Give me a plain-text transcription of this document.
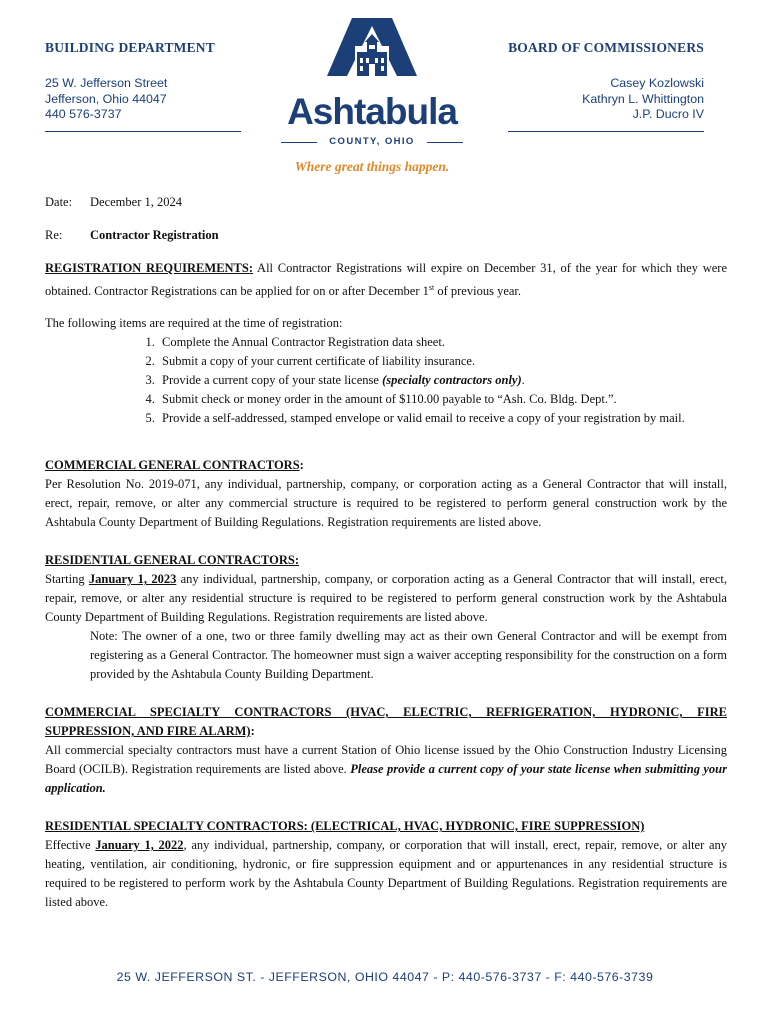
BUILDING DEPARTMENT
25 W. Jefferson Street
Jefferson, Ohio 44047
440 576-3737
BOARD OF COMMISSIONERS
Casey Kozlowski
Kathryn L. Whittington
J.P. Ducro IV
Ashtabula
COUNTY, OHIO
Where great things happen.
Date:	December 1, 2024
Re:	Contractor Registration

REGISTRATION REQUIREMENTS: All Contractor Registrations will expire on December 31, of the year for which they were obtained. Contractor Registrations can be applied for on or after December 1st of previous year.

The following items are required at the time of registration:

1. Complete the Annual Contractor Registration data sheet.
2. Submit a copy of your current certificate of liability insurance.
3. Provide a current copy of your state license (specialty contractors only).
4. Submit check or money order in the amount of $110.00 payable to “Ash. Co. Bldg. Dept.”.
5. Provide a self-addressed, stamped envelope or valid email to receive a copy of your registration by mail.

COMMERCIAL GENERAL CONTRACTORS:

Per Resolution No. 2019-071, any individual, partnership, company, or corporation acting as a General Contractor that will install, erect, repair, remove, or alter any commercial structure is required to be registered to perform general construction work by the Ashtabula County Department of Building Regulations. Registration requirements are listed above.

RESIDENTIAL GENERAL CONTRACTORS:

Starting January 1, 2023 any individual, partnership, company, or corporation acting as a General Contractor that will install, erect, repair, remove, or alter any residential structure is required to be registered to perform general construction work by the Ashtabula County Department of Building Regulations. Registration requirements are listed above.

Note: The owner of a one, two or three family dwelling may act as their own General Contractor and will be exempt from registering as a General Contractor. The homeowner must sign a waiver accepting responsibility for the construction on a form provided by the Ashtabula County Building Department.

COMMERCIAL SPECIALTY CONTRACTORS (HVAC, ELECTRIC, REFRIGERATION, HYDRONIC, FIRE SUPPRESSION, AND FIRE ALARM):

All commercial specialty contractors must have a current Station of Ohio license issued by the Ohio Construction Industry Licensing Board (OCILB). Registration requirements are listed above. Please provide a current copy of your state license when submitting your application.

RESIDENTIAL SPECIALTY CONTRACTORS: (ELECTRICAL, HVAC, HYDRONIC, FIRE SUPPRESSION)

Effective January 1, 2022, any individual, partnership, company, or corporation that will install, erect, repair, remove, or alter any heating, ventilation, air conditioning, hydronic, or fire suppression equipment and or appurtenances in any residential structure is required to be registered to perform work by the Ashtabula County Department of Building Regulations. Registration requirements are listed above.

25 W. JEFFERSON ST. - JEFFERSON, OHIO 44047 - P: 440-576-3737 - F: 440-576-3739
